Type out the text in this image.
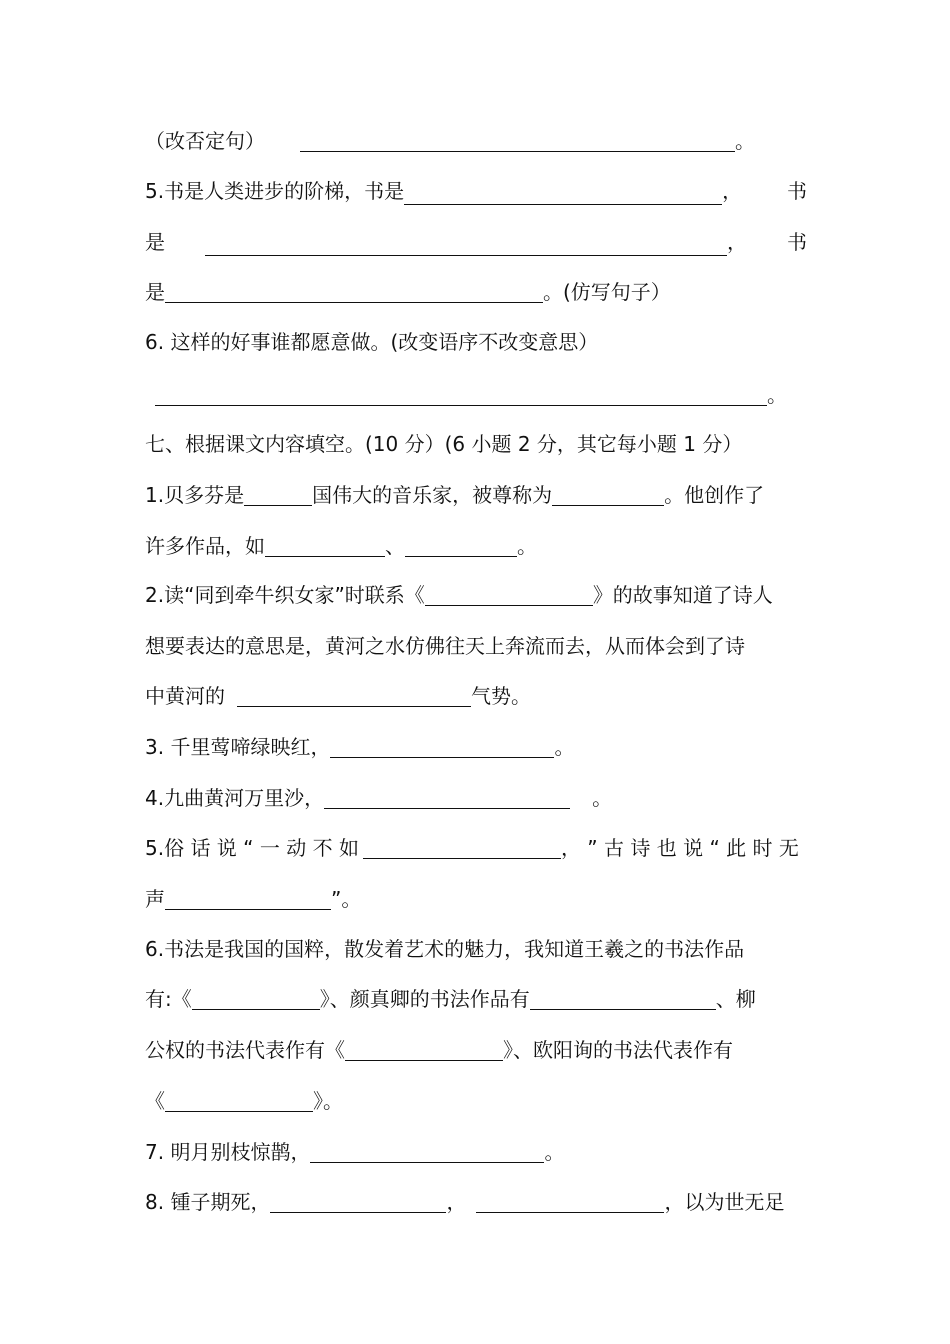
（改否定句）	。
5.书是人类进步的阶梯，书是	， 书
是	， 书
是	。(仿写句子）
6. 这样的好事谁都愿意做。(改变语序不改变意思）
。
七、根据课文内容填空。(10 分）(6 小题 2 分，其它每小题 1 分）
1.贝多芬是	国伟大的音乐家，被尊称为	。他创作了
许多作品，如	、	。
2.读“同到牵牛织女家”时联系《	》的故事知道了诗人
想要表达的意思是，黄河之水仿佛往天上奔流而去，从而体会到了诗
中黄河的	气势。
3. 千里莺啼绿映红，	。
4.九曲黄河万里沙，	。
5.俗 话 说 “ 一 动 不 如	， ” 古 诗 也 说 “ 此 时 无
声	”。
6.书法是我国的国粹，散发着艺术的魅力，我知道王羲之的书法作品
有:《	》、颜真卿的书法作品有	、柳
公权的书法代表作有《	》、欧阳询的书法代表作有
《	》。
7. 明月别枝惊鹊，	。
8. 锺子期死，	，	，以为世无足
